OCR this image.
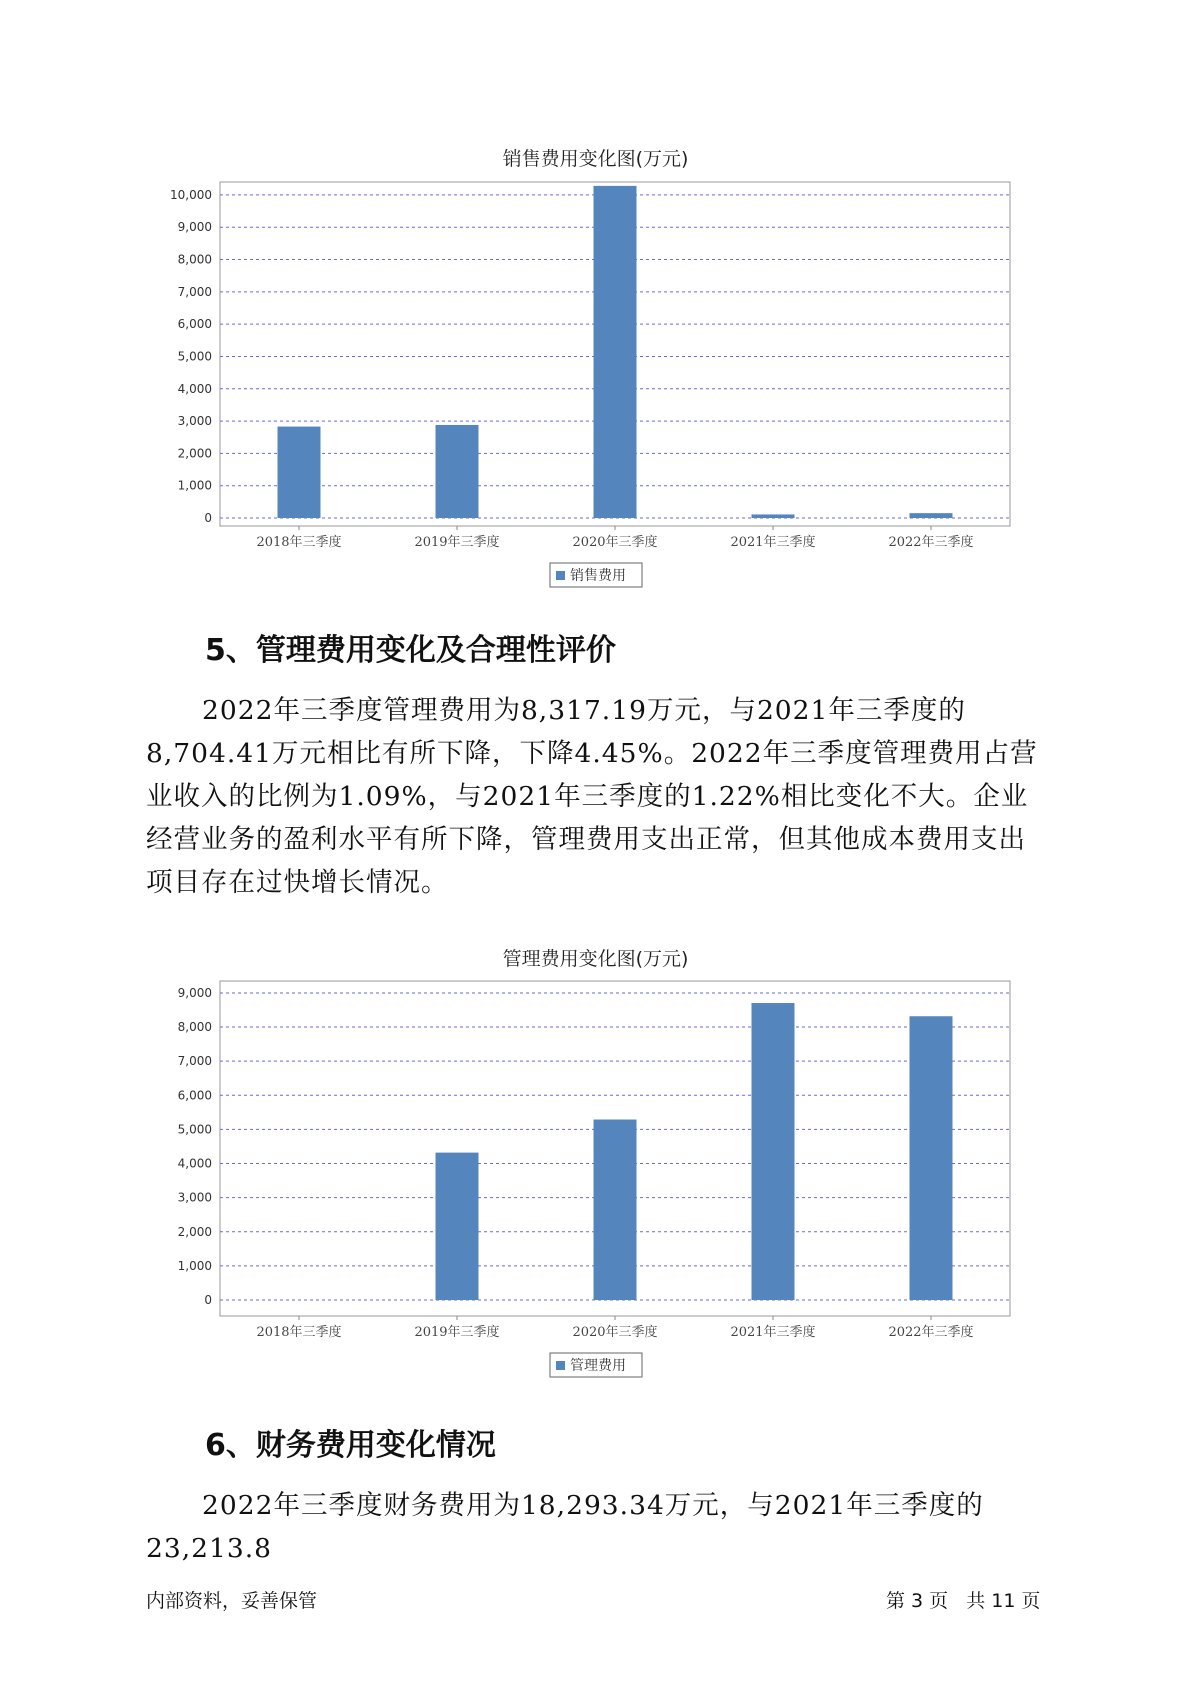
销售费用变化图(万元)
0
1,000
2,000
3,000
4,000
5,000
6,000
7,000
8,000
9,000
10,000
2018年三季度	2019年三季度	2020年三季度	2021年三季度	2022年三季度
销售费用
5、管理费用变化及合理性评价

2022年三季度管理费用为8,317.19万元，与2021年三季度的8,704.41万元相比有所下降，下降4.45%。2022年三季度管理费用占营业收入的比例为1.09%，与2021年三季度的1.22%相比变化不大。企业经营业务的盈利水平有所下降，管理费用支出正常，但其他成本费用支出项目存在过快增长情况。

管理费用变化图(万元)
0
1,000
2,000
3,000
4,000
5,000
6,000
7,000
8,000
9,000
2018年三季度	2019年三季度	2020年三季度	2021年三季度	2022年三季度
管理费用
6、财务费用变化情况

2022年三季度财务费用为18,293.34万元，与2021年三季度的23,213.8

内部资料，妥善保管	第 3 页 共 11 页
